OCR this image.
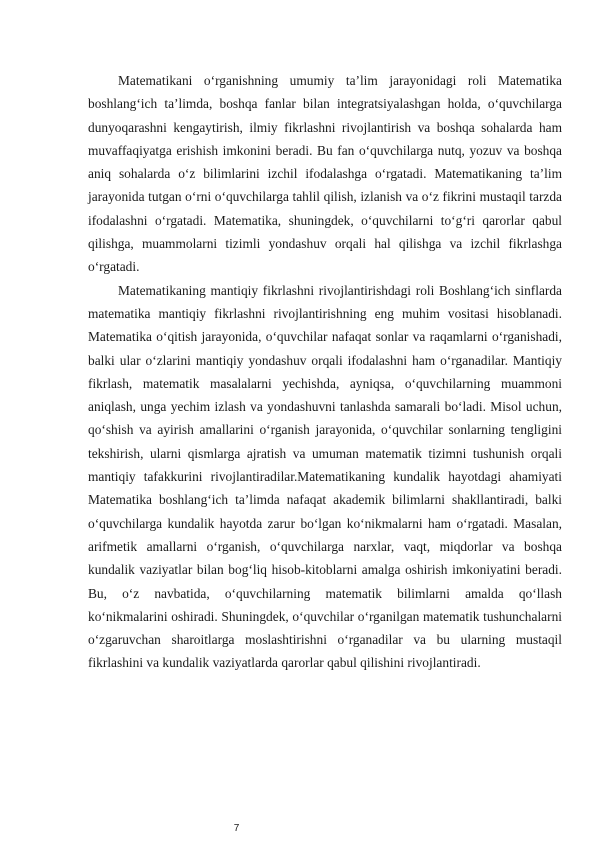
Matematikani o‘rganishning umumiy ta’lim jarayonidagi roli Matematika boshlang‘ich ta’limda, boshqa fanlar bilan integratsiyalashgan holda, o‘quvchilarga dunyoqarashni kengaytirish, ilmiy fikrlashni rivojlantirish va boshqa sohalarda ham muvaffaqiyatga erishish imkonini beradi. Bu fan o‘quvchilarga nutq, yozuv va boshqa aniq sohalarda o‘z bilimlarini izchil ifodalashga o‘rgatadi. Matematikaning ta’lim jarayonida tutgan o‘rni o‘quvchilarga tahlil qilish, izlanish va o‘z fikrini mustaqil tarzda ifodalashni o‘rgatadi. Matematika, shuningdek, o‘quvchilarni to‘g‘ri qarorlar qabul qilishga, muammolarni tizimli yondashuv orqali hal qilishga va izchil fikrlashga o‘rgatadi.

Matematikaning mantiqiy fikrlashni rivojlantirishdagi roli Boshlang‘ich sinflarda matematika mantiqiy fikrlashni rivojlantirishning eng muhim vositasi hisoblanadi. Matematika o‘qitish jarayonida, o‘quvchilar nafaqat sonlar va raqamlarni o‘rganishadi, balki ular o‘zlarini mantiqiy yondashuv orqali ifodalashni ham o‘rganadilar. Mantiqiy fikrlash, matematik masalalarni yechishda, ayniqsa, o‘quvchilarning muammoni aniqlash, unga yechim izlash va yondashuvni tanlashda samarali bo‘ladi. Misol uchun, qo‘shish va ayirish amallarini o‘rganish jarayonida, o‘quvchilar sonlarning tengligini tekshirish, ularni qismlarga ajratish va umuman matematik tizimni tushunish orqali mantiqiy tafakkurini rivojlantiradilar.Matematikaning kundalik hayotdagi ahamiyati Matematika boshlang‘ich ta’limda nafaqat akademik bilimlarni shakllantiradi, balki o‘quvchilarga kundalik hayotda zarur bo‘lgan ko‘nikmalarni ham o‘rgatadi. Masalan, arifmetik amallarni o‘rganish, o‘quvchilarga narxlar, vaqt, miqdorlar va boshqa kundalik vaziyatlar bilan bog‘liq hisob-kitoblarni amalga oshirish imkoniyatini beradi. Bu, o‘z navbatida, o‘quvchilarning matematik bilimlarni amalda qo‘llash ko‘nikmalarini oshiradi. Shuningdek, o‘quvchilar o‘rganilgan matematik tushunchalarni o‘zgaruvchan sharoitlarga moslashtirishni o‘rganadilar va bu ularning mustaqil fikrlashini va kundalik vaziyatlarda qarorlar qabul qilishini rivojlantiradi.

7
